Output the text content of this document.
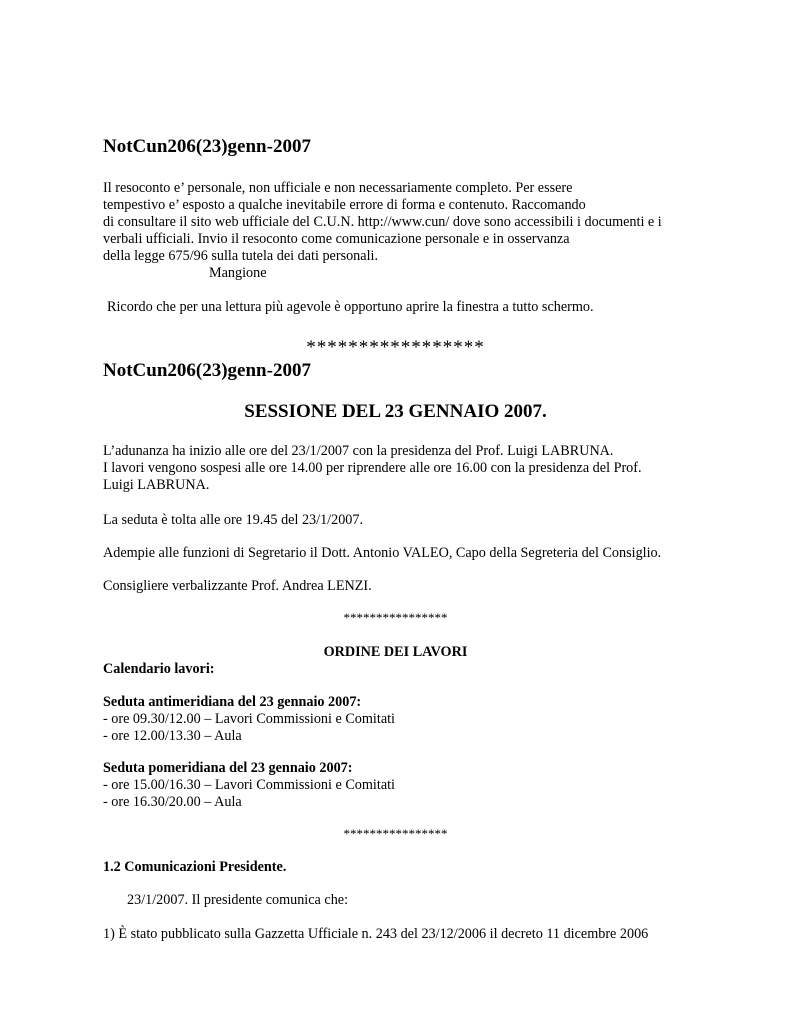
NotCun206(23)genn-2007
Il resoconto e’ personale, non ufficiale e non necessariamente completo. Per essere
tempestivo e’ esposto a qualche inevitabile errore di forma e contenuto. Raccomando
di consultare il sito web ufficiale del C.U.N. http://www.cun/ dove sono accessibili i documenti e i
verbali ufficiali. Invio il resoconto come comunicazione personale e in osservanza
della legge 675/96 sulla tutela dei dati personali.
Mangione
Ricordo che per una lettura più agevole è opportuno aprire la finestra a tutto schermo.
*****************
NotCun206(23)genn-2007
SESSIONE DEL 23 GENNAIO 2007.
L’adunanza ha inizio alle ore del 23/1/2007 con la presidenza del Prof. Luigi LABRUNA.
I lavori vengono sospesi alle ore 14.00 per riprendere alle ore 16.00 con la presidenza del Prof.
Luigi LABRUNA.
La seduta è tolta alle ore 19.45 del 23/1/2007.
Adempie alle funzioni di Segretario il Dott. Antonio VALEO, Capo della Segreteria del Consiglio.
Consigliere verbalizzante Prof. Andrea LENZI.
****************
ORDINE DEI LAVORI
Calendario lavori:
Seduta antimeridiana del 23 gennaio 2007:
- ore 09.30/12.00 – Lavori Commissioni e Comitati
- ore 12.00/13.30 – Aula
Seduta pomeridiana del 23 gennaio 2007:
- ore 15.00/16.30 – Lavori Commissioni e Comitati
- ore 16.30/20.00 – Aula
****************
1.2 Comunicazioni Presidente.
23/1/2007. Il presidente comunica che:
1) È stato pubblicato sulla Gazzetta Ufficiale n. 243 del 23/12/2006 il decreto 11 dicembre 2006
